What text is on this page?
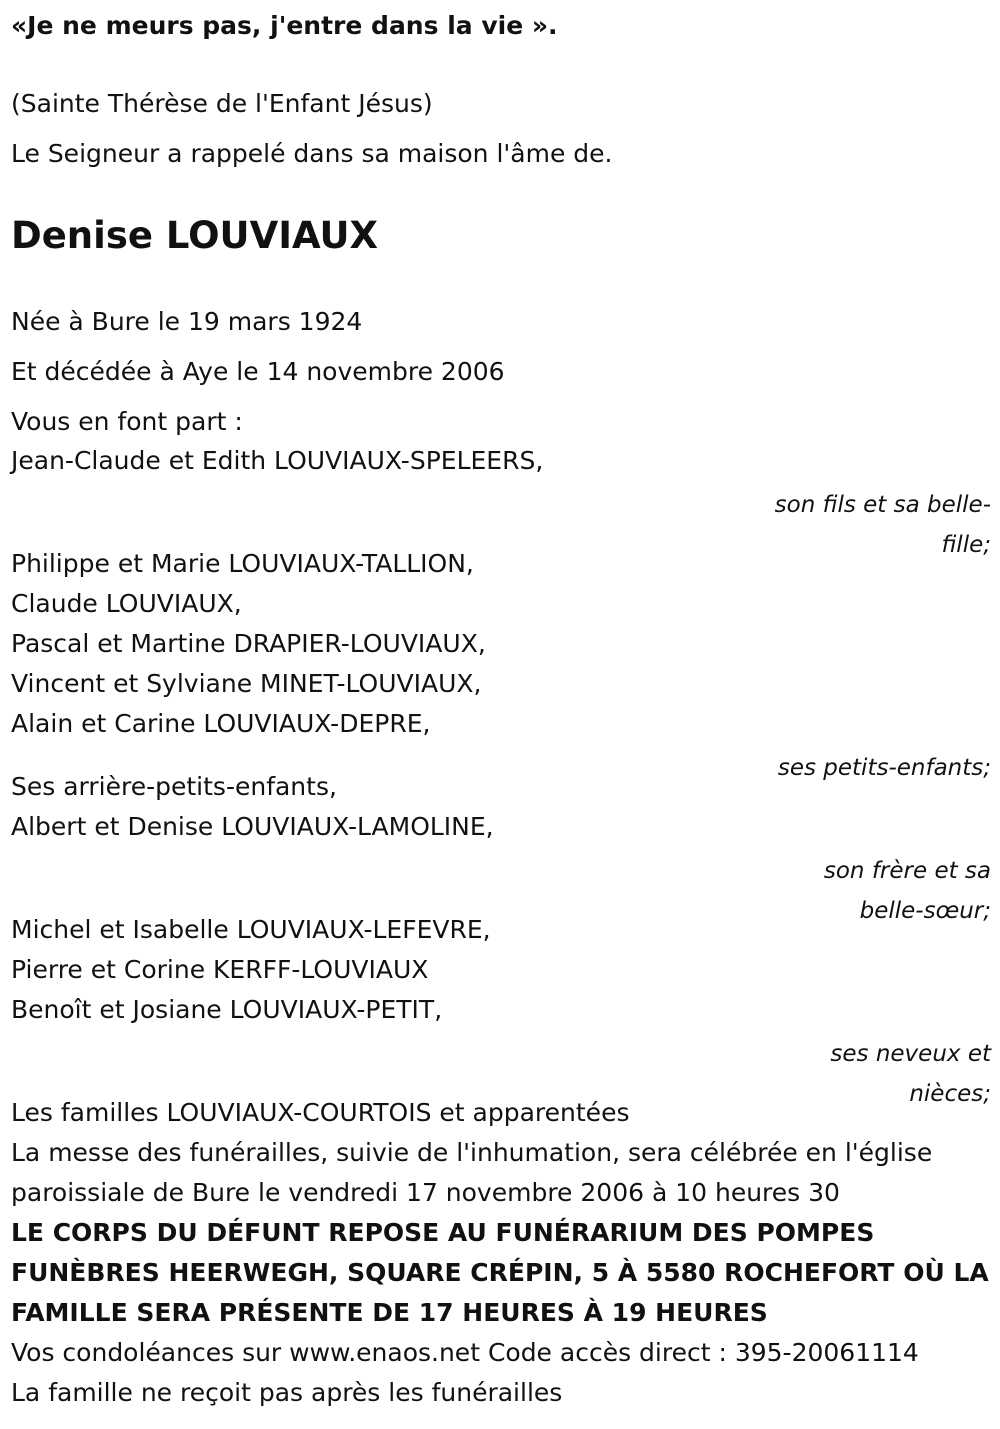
«Je ne meurs pas, j'entre dans la vie ».

(Sainte Thérèse de l'Enfant Jésus)

Le Seigneur a rappelé dans sa maison l'âme de.

Denise LOUVIAUX

Née à Bure le 19 mars 1924

Et décédée à Aye le 14 novembre 2006

Vous en font part :

Jean-Claude et Edith LOUVIAUX-SPELEERS,

son fils et sa belle-

fille;

Philippe et Marie LOUVIAUX-TALLION,

Claude LOUVIAUX,

Pascal et Martine DRAPIER-LOUVIAUX,

Vincent et Sylviane MINET-LOUVIAUX,

Alain et Carine LOUVIAUX-DEPRE,

ses petits-enfants;

Ses arrière-petits-enfants,

Albert et Denise LOUVIAUX-LAMOLINE,

son frère et sa

belle-sœur;

Michel et Isabelle LOUVIAUX-LEFEVRE,

Pierre et Corine KERFF-LOUVIAUX

Benoît et Josiane LOUVIAUX-PETIT,

ses neveux et

nièces;

Les familles LOUVIAUX-COURTOIS et apparentées

La messe des funérailles, suivie de l'inhumation, sera célébrée en l'église

paroissiale de Bure le vendredi 17 novembre 2006 à 10 heures 30

LE CORPS DU DÉFUNT REPOSE AU FUNÉRARIUM DES POMPES

FUNÈBRES HEERWEGH, SQUARE CRÉPIN, 5 À 5580 ROCHEFORT OÙ LA

FAMILLE SERA PRÉSENTE DE 17 HEURES À 19 HEURES

Vos condoléances sur www.enaos.net Code accès direct : 395-20061114

La famille ne reçoit pas après les funérailles
